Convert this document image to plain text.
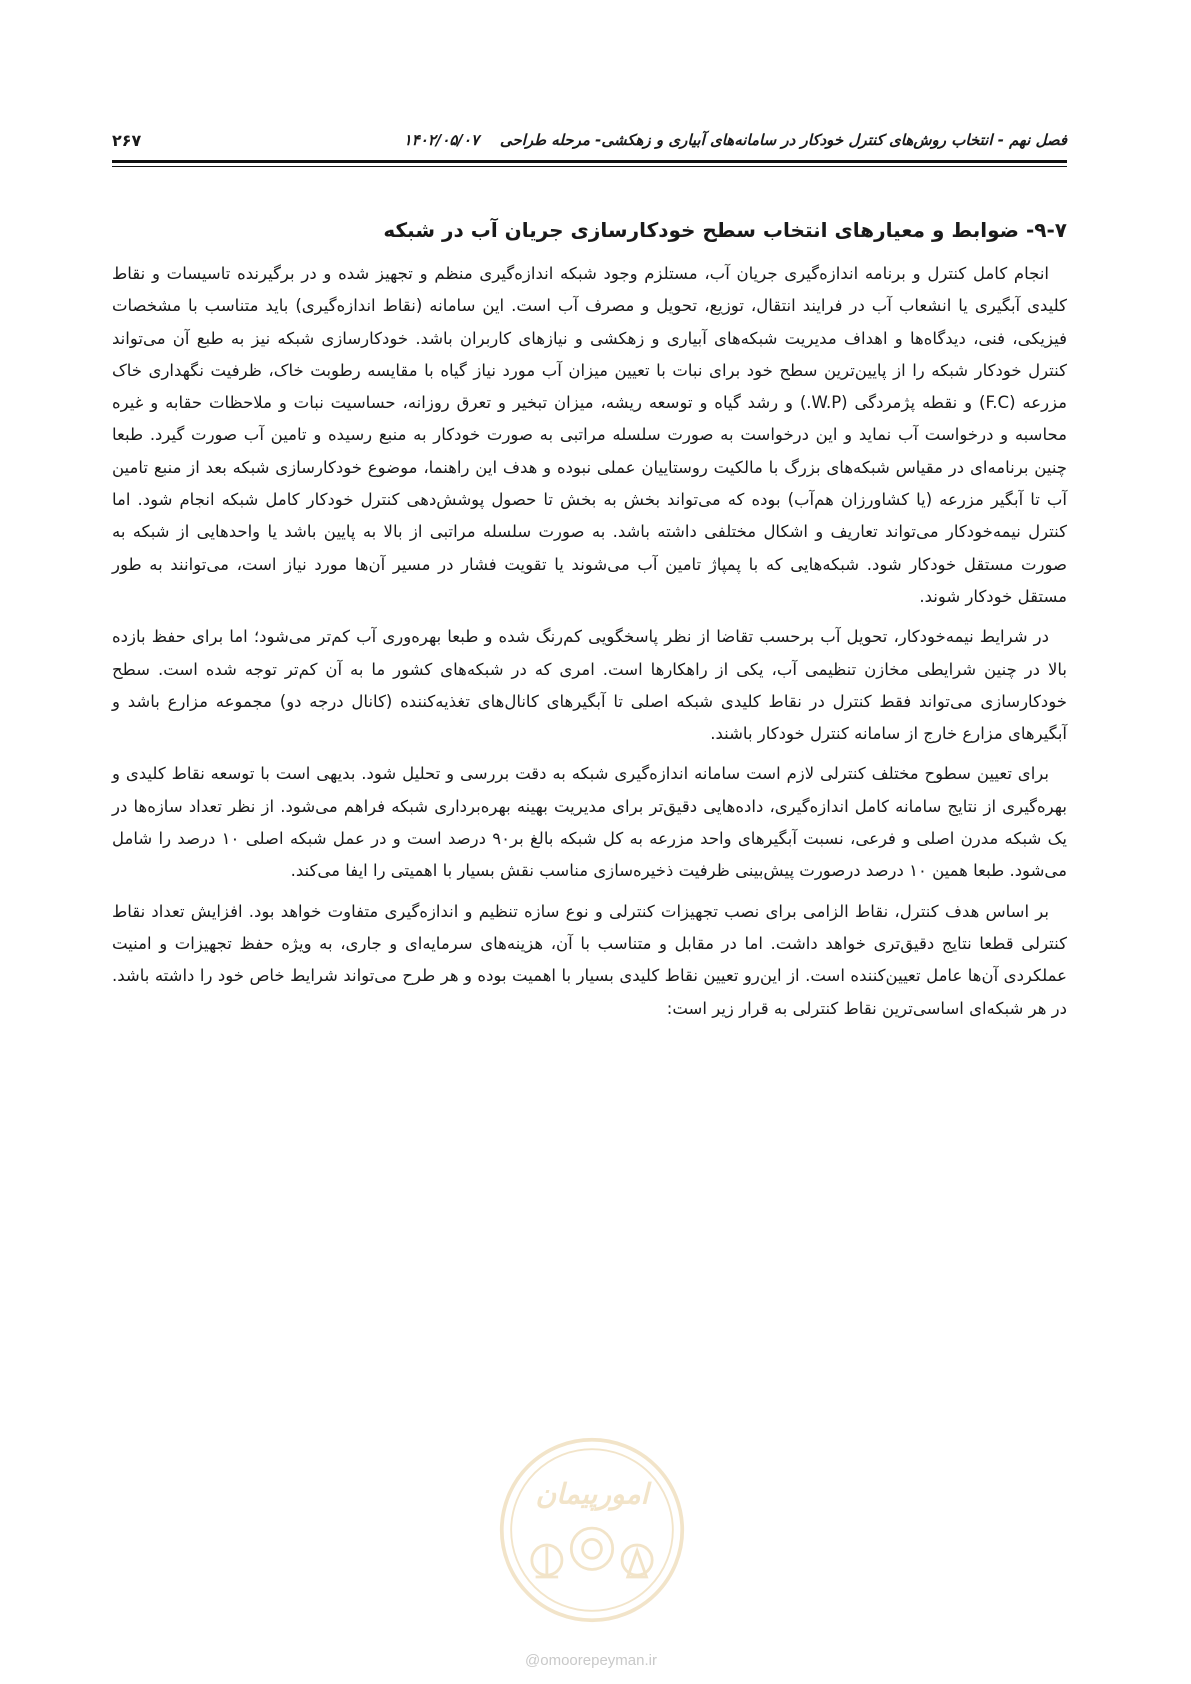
فصل نهم - انتخاب روش‌های کنترل خودکار در سامانه‌های آبیاری و زهکشی- مرحله طراحی    ۱۴۰۲/۰۵/۰۷
۲۶۷
۹-۷- ضوابط و معیارهای انتخاب سطح خودکارسازی جریان آب در شبکه

انجام کامل کنترل و برنامه اندازه‌گیری جریان آب، مستلزم وجود شبکه اندازه‌گیری منظم و تجهیز شده و در برگیرنده تاسیسات و نقاط کلیدی آبگیری یا انشعاب آب در فرایند انتقال، توزیع، تحویل و مصرف آب است. این سامانه (نقاط اندازه‌گیری) باید متناسب با مشخصات فیزیکی، فنی، دیدگاه‌ها و اهداف مدیریت شبکه‌های آبیاری و زهکشی و نیازهای کاربران باشد. خودکارسازی شبکه نیز به طبع آن می‌تواند کنترل خودکار شبکه را از پایین‌ترین سطح خود برای نبات با تعیین میزان آب مورد نیاز گیاه با مقایسه رطوبت خاک، ظرفیت نگهداری خاک مزرعه (F.C) و نقطه پژمردگی (W.P.) و رشد گیاه و توسعه ریشه، میزان تبخیر و تعرق روزانه، حساسیت نبات و ملاحظات حقابه و غیره محاسبه و درخواست آب نماید و این درخواست به صورت سلسله مراتبی به صورت خودکار به منبع رسیده و تامین آب صورت گیرد. طبعا چنین برنامه‌ای در مقیاس شبکه‌های بزرگ با مالکیت روستاییان عملی نبوده و هدف این راهنما، موضوع خودکارسازی شبکه بعد از منبع تامین آب تا آبگیر مزرعه (یا کشاورزان هم‌آب) بوده که می‌تواند بخش به بخش تا حصول پوشش‌دهی کنترل خودکار کامل شبکه انجام شود. اما کنترل نیمه‌خودکار می‌تواند تعاریف و اشکال مختلفی داشته باشد. به صورت سلسله مراتبی از بالا به پایین باشد یا واحدهایی از شبکه به صورت مستقل خودکار شود. شبکه‌هایی که با پمپاژ تامین آب می‌شوند یا تقویت فشار در مسیر آن‌ها مورد نیاز است، می‌توانند به طور مستقل خودکار شوند.

در شرایط نیمه‌خودکار، تحویل آب برحسب تقاضا از نظر پاسخگویی کم‌رنگ شده و طبعا بهره‌وری آب کم‌تر می‌شود؛ اما برای حفظ بازده بالا در چنین شرایطی مخازن تنظیمی آب، یکی از راهکارها است. امری که در شبکه‌های کشور ما به آن کم‌تر توجه شده است. سطح خودکارسازی می‌تواند فقط کنترل در نقاط کلیدی شبکه اصلی تا آبگیرهای کانال‌های تغذیه‌کننده (کانال درجه دو) مجموعه مزارع باشد و آبگیرهای مزارع خارج از سامانه کنترل خودکار باشند.

برای تعیین سطوح مختلف کنترلی لازم است سامانه اندازه‌گیری شبکه به دقت بررسی و تحلیل شود. بدیهی است با توسعه نقاط کلیدی و بهره‌گیری از نتایج سامانه کامل اندازه‌گیری، داده‌هایی دقیق‌تر برای مدیریت بهینه بهره‌برداری شبکه فراهم می‌شود. از نظر تعداد سازه‌ها در یک شبکه مدرن اصلی و فرعی، نسبت آبگیرهای واحد مزرعه به کل شبکه بالغ بر۹۰ درصد است و در عمل شبکه اصلی ۱۰ درصد را شامل می‌شود. طبعا همین ۱۰ درصد درصورت پیش‌بینی ظرفیت ذخیره‌سازی مناسب نقش بسیار با اهمیتی را ایفا می‌کند.

بر اساس هدف کنترل، نقاط الزامی برای نصب تجهیزات کنترلی و نوع سازه تنظیم و اندازه‌گیری متفاوت خواهد بود. افزایش تعداد نقاط کنترلی قطعا نتایج دقیق‌تری خواهد داشت. اما در مقابل و متناسب با آن، هزینه‌های سرمایه‌ای و جاری، به ویژه حفظ تجهیزات و امنیت عملکردی آن‌ها عامل تعیین‌کننده است. از این‌رو تعیین نقاط کلیدی بسیار با اهمیت بوده و هر طرح می‌تواند شرایط خاص خود را داشته باشد. در هر شبکه‌ای اساسی‌ترین نقاط کنترلی به قرار زیر است:

امورپیمان
@omoorepeyman.ir
